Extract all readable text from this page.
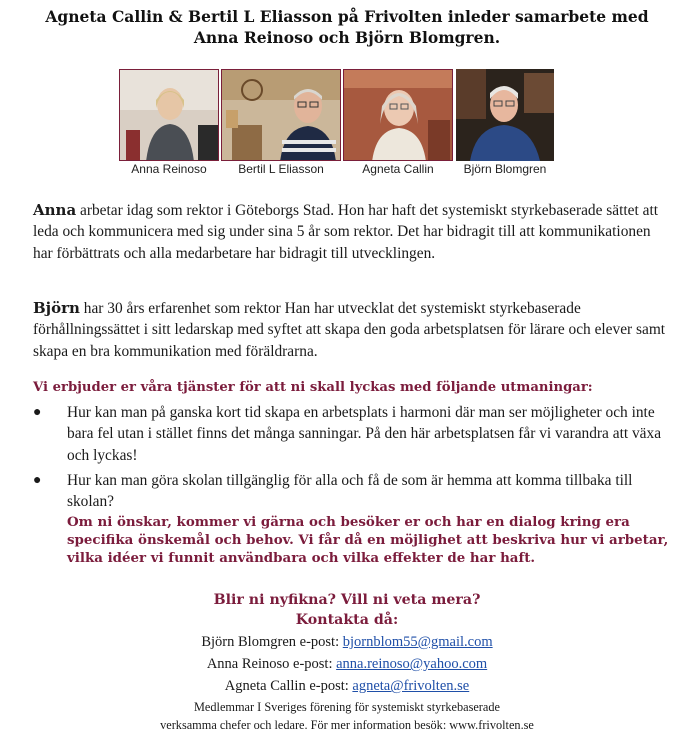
Agneta Callin & Bertil L Eliasson på Frivolten inleder samarbete med
Anna Reinoso och Björn Blomgren.
Anna Reinoso	Bertil L Eliasson	Agneta Callin	Björn Blomgren
Anna arbetar idag som rektor i Göteborgs Stad. Hon har haft det systemiskt styrkebaserade sättet att leda och kommunicera med sig under sina 5 år som rektor. Det har bidragit till att kommunikationen har förbättrats och alla medarbetare har bidragit till utvecklingen.
Björn har 30 års erfarenhet som rektor Han har utvecklat det systemiskt styrkebaserade förhållningssättet i sitt ledarskap med syftet att skapa den goda arbetsplatsen för lärare och elever samt skapa en bra kommunikation med föräldrarna.
Vi erbjuder er våra tjänster för att ni skall lyckas med följande utmaningar:
● Hur kan man på ganska kort tid skapa en arbetsplats i harmoni där man ser möjligheter och inte bara fel utan i stället finns det många sanningar. På den här arbetsplatsen får vi varandra att växa och lyckas!
● Hur kan man göra skolan tillgänglig för alla och få de som är hemma att komma tillbaka till skolan?
Om ni önskar, kommer vi gärna och besöker er och har en dialog kring era specifika önskemål och behov. Vi får då en möjlighet att beskriva hur vi arbetar, vilka idéer vi funnit användbara och vilka effekter de har haft.
Blir ni nyfikna? Vill ni veta mera?
Kontakta då:
Björn Blomgren e-post: bjornblom55@gmail.com
Anna Reinoso e-post: anna.reinoso@yahoo.com
Agneta Callin e-post: agneta@frivolten.se
Medlemmar I Sveriges förening för systemiskt styrkebaserade
verksamma chefer och ledare. För mer information besök: www.frivolten.se
